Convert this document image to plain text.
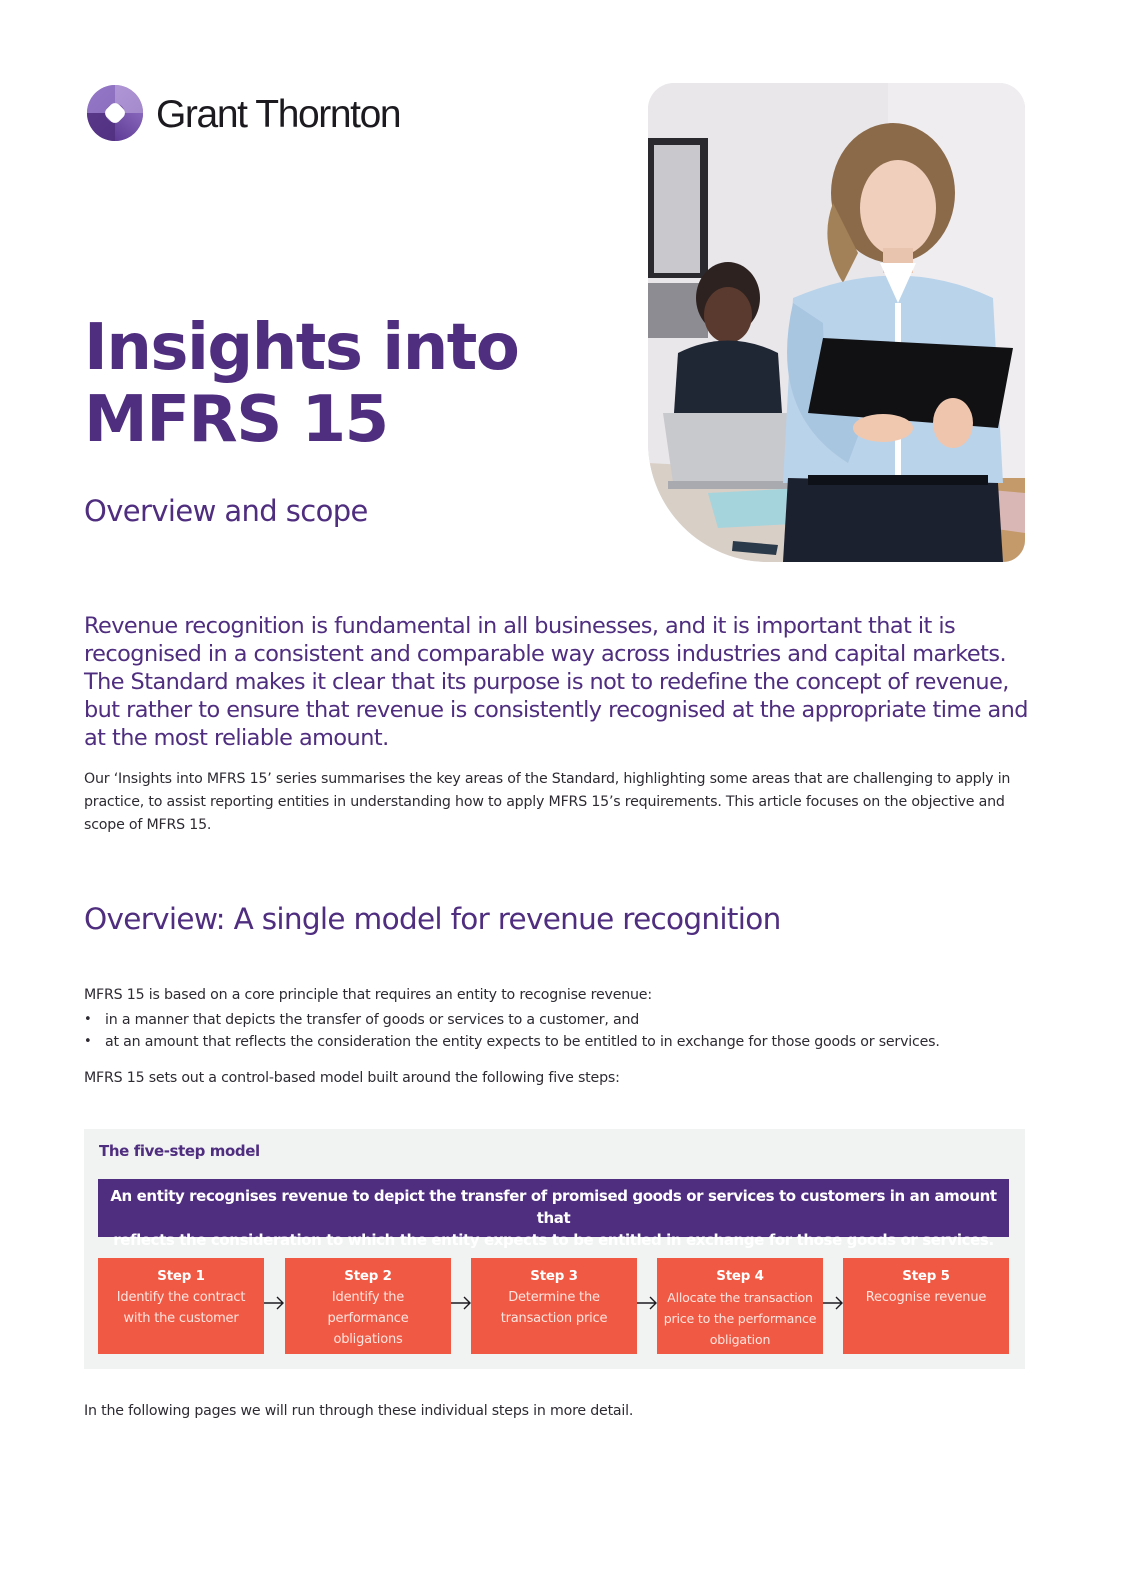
Grant Thornton
Insights into
MFRS 15
Overview and scope

Revenue recognition is fundamental in all businesses, and it is important that it is recognised in a consistent and comparable way across industries and capital markets. The Standard makes it clear that its purpose is not to redefine the concept of revenue, but rather to ensure that revenue is consistently recognised at the appropriate time and at the most reliable amount.

Our ‘Insights into MFRS 15’ series summarises the key areas of the Standard, highlighting some areas that are challenging to apply in practice, to assist reporting entities in understanding how to apply MFRS 15’s requirements. This article focuses on the objective and scope of MFRS 15.

Overview: A single model for revenue recognition

MFRS 15 is based on a core principle that requires an entity to recognise revenue:

• in a manner that depicts the transfer of goods or services to a customer, and
• at an amount that reflects the consideration the entity expects to be entitled to in exchange for those goods or services.

MFRS 15 sets out a control-based model built around the following five steps:

The five-step model
An entity recognises revenue to depict the transfer of promised goods or services to customers in an amount that
reflects the consideration to which the entity expects to be entitled in exchange for those goods or services.
Step 1
Identify the contract with the customer
Step 2
Identify the performance obligations
Step 3
Determine the transaction price
Step 4
Allocate the transaction price to the performance obligation
Step 5
Recognise revenue

In the following pages we will run through these individual steps in more detail.
